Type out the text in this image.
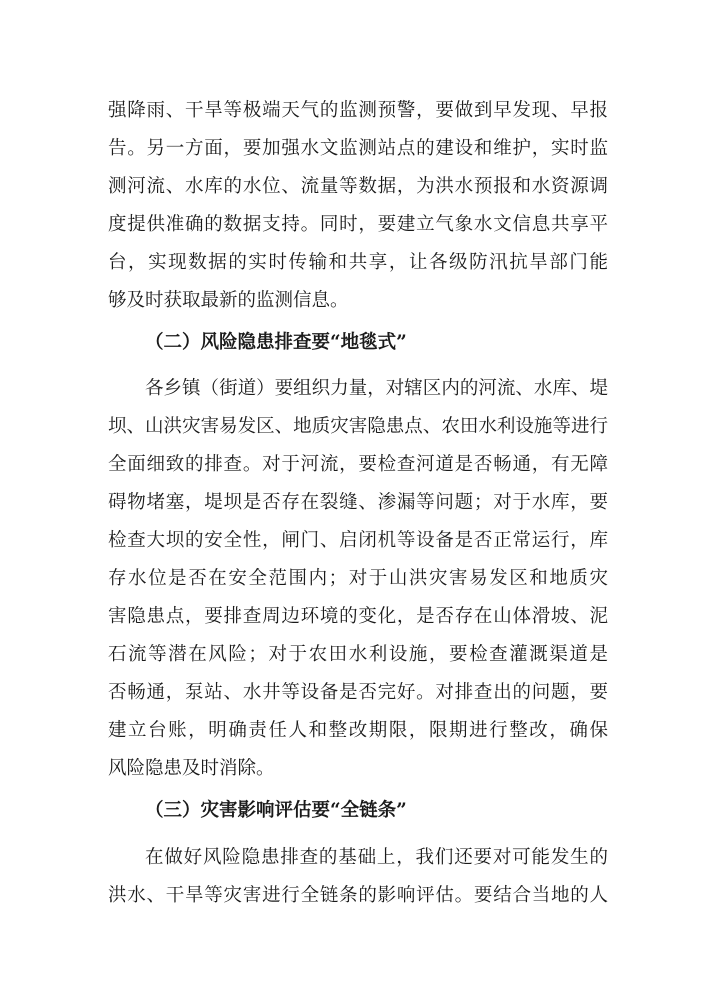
强降雨、干旱等极端天气的监测预警，要做到早发现、早报
告。另一方面，要加强水文监测站点的建设和维护，实时监
测河流、水库的水位、流量等数据，为洪水预报和水资源调
度提供准确的数据支持。同时，要建立气象水文信息共享平
台，实现数据的实时传输和共享，让各级防汛抗旱部门能
够及时获取最新的监测信息。
（二）风险隐患排查要“地毯式”
各乡镇（街道）要组织力量，对辖区内的河流、水库、堤
坝、山洪灾害易发区、地质灾害隐患点、农田水利设施等进行
全面细致的排查。对于河流，要检查河道是否畅通，有无障
碍物堵塞，堤坝是否存在裂缝、渗漏等问题；对于水库，要
检查大坝的安全性，闸门、启闭机等设备是否正常运行，库
存水位是否在安全范围内；对于山洪灾害易发区和地质灾
害隐患点，要排查周边环境的变化，是否存在山体滑坡、泥
石流等潜在风险；对于农田水利设施，要检查灌溉渠道是
否畅通，泵站、水井等设备是否完好。对排查出的问题，要
建立台账，明确责任人和整改期限，限期进行整改，确保
风险隐患及时消除。
（三）灾害影响评估要“全链条”
在做好风险隐患排查的基础上，我们还要对可能发生的
洪水、干旱等灾害进行全链条的影响评估。要结合当地的人
